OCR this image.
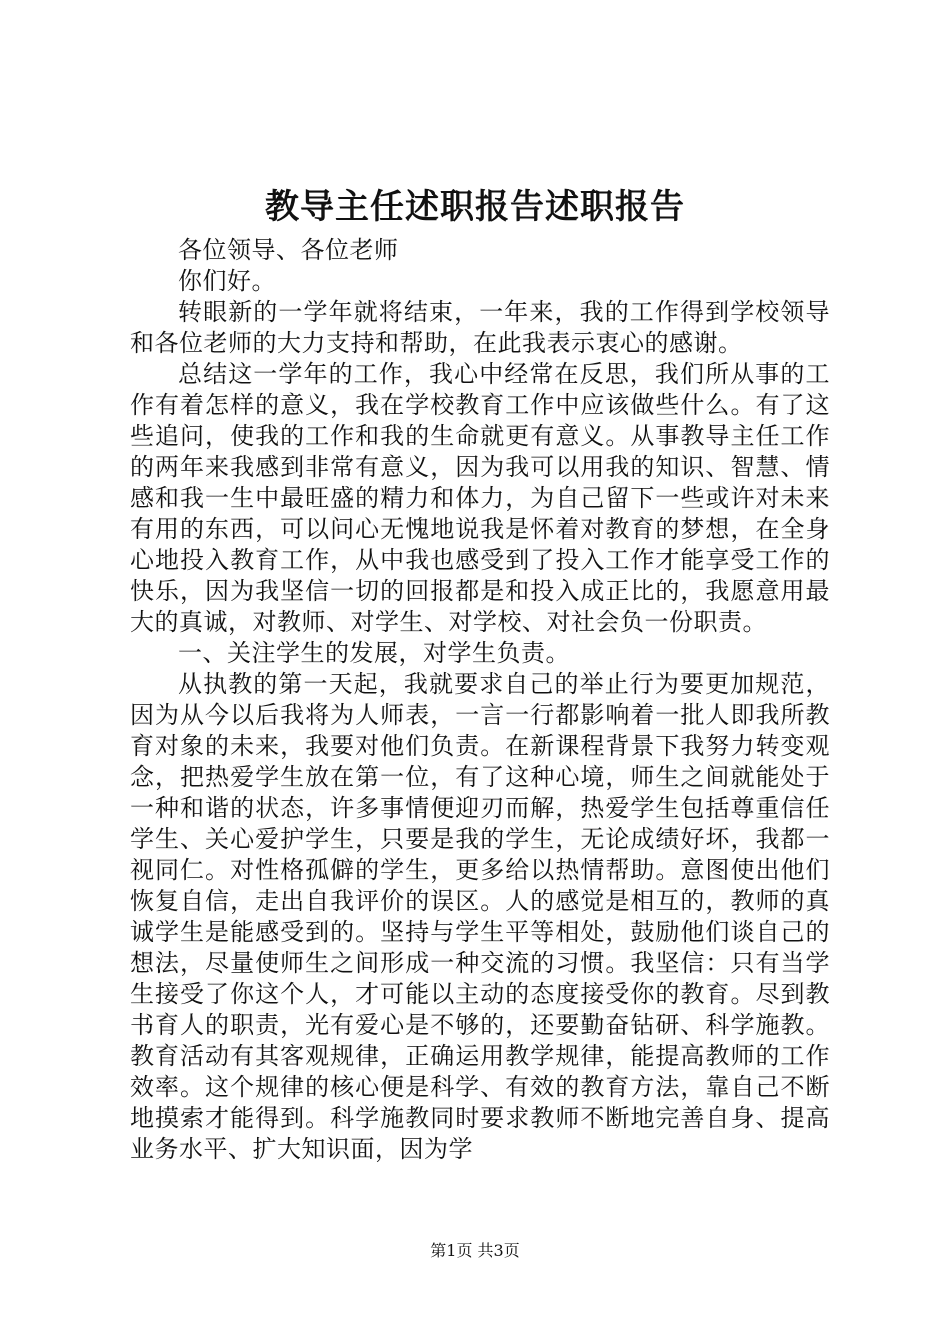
教导主任述职报告述职报告

各位领导、各位老师

你们好。

转眼新的一学年就将结束，一年来，我的工作得到学校领导和各位老师的大力支持和帮助，在此我表示衷心的感谢。

总结这一学年的工作，我心中经常在反思，我们所从事的工作有着怎样的意义，我在学校教育工作中应该做些什么。有了这些追问，使我的工作和我的生命就更有意义。从事教导主任工作的两年来我感到非常有意义，因为我可以用我的知识、智慧、情感和我一生中最旺盛的精力和体力，为自己留下一些或许对未来有用的东西，可以问心无愧地说我是怀着对教育的梦想，在全身心地投入教育工作，从中我也感受到了投入工作才能享受工作的快乐，因为我坚信一切的回报都是和投入成正比的，我愿意用最大的真诚，对教师、对学生、对学校、对社会负一份职责。

一、关注学生的发展，对学生负责。

从执教的第一天起，我就要求自己的举止行为要更加规范，因为从今以后我将为人师表，一言一行都影响着一批人即我所教育对象的未来，我要对他们负责。在新课程背景下我努力转变观念，把热爱学生放在第一位，有了这种心境，师生之间就能处于一种和谐的状态，许多事情便迎刃而解，热爱学生包括尊重信任学生、关心爱护学生，只要是我的学生，无论成绩好坏，我都一视同仁。对性格孤僻的学生，更多给以热情帮助。意图使出他们恢复自信，走出自我评价的误区。人的感觉是相互的，教师的真诚学生是能感受到的。坚持与学生平等相处，鼓励他们谈自己的想法，尽量使师生之间形成一种交流的习惯。我坚信：只有当学生接受了你这个人，才可能以主动的态度接受你的教育。尽到教书育人的职责，光有爱心是不够的，还要勤奋钻研、科学施教。教育活动有其客观规律，正确运用教学规律，能提高教师的工作效率。这个规律的核心便是科学、有效的教育方法，靠自己不断地摸索才能得到。科学施教同时要求教师不断地完善自身、提高业务水平、扩大知识面，因为学

第1页 共3页
